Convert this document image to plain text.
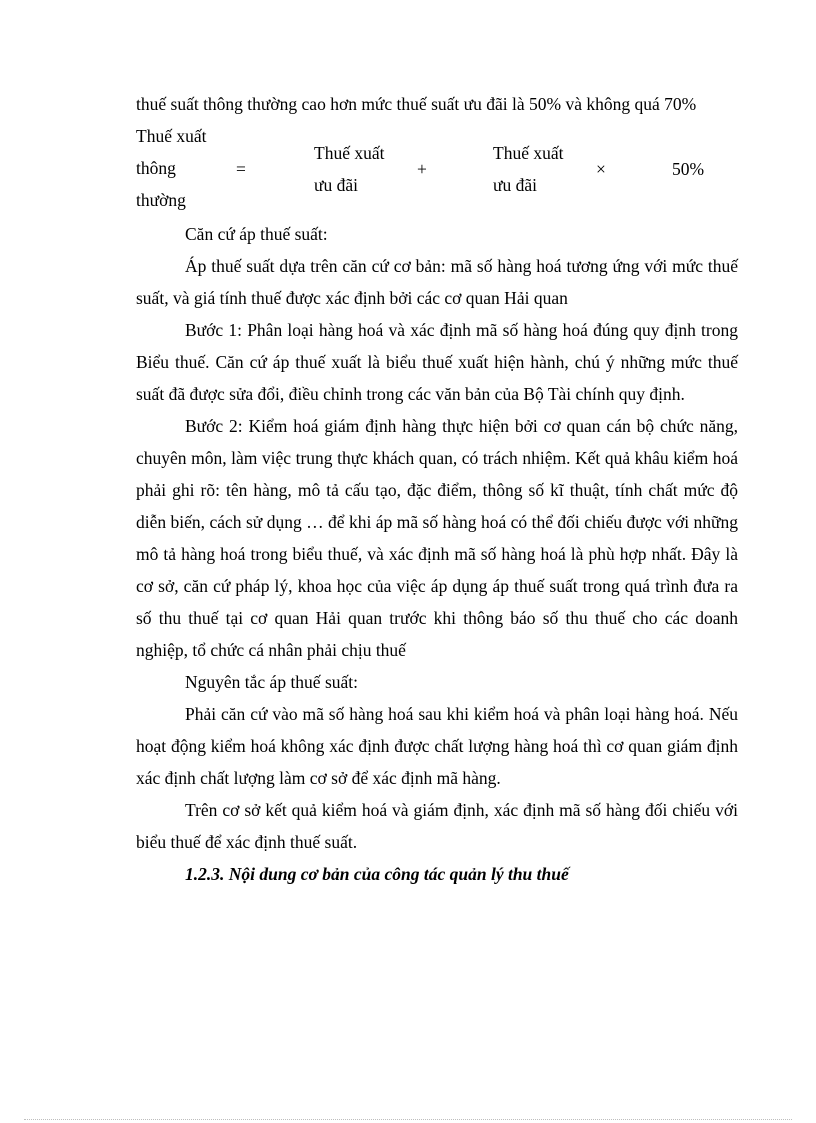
thuế suất thông thường cao hơn mức thuế suất ưu đãi là 50% và không quá 70%

Thuế xuất thông thường
=
Thuế xuất ưu đãi
+
Thuế xuất ưu đãi
×	50%

Căn cứ áp thuế suất:

Áp thuế suất dựa trên căn cứ cơ bản: mã số hàng hoá tương ứng với mức thuế suất, và giá tính thuế được xác định bởi các cơ quan Hải quan

Bước 1: Phân loại hàng hoá và xác định mã số hàng hoá đúng quy định trong Biểu thuế. Căn cứ áp thuế xuất là biểu thuế xuất hiện hành, chú ý những mức thuế suất đã được sửa đổi, điều chỉnh trong các văn bản của Bộ Tài chính quy định.

Bước 2: Kiểm hoá giám định hàng thực hiện bởi cơ quan cán bộ chức năng, chuyên môn, làm việc trung thực khách quan, có trách nhiệm. Kết quả khâu kiểm hoá phải ghi rõ: tên hàng, mô tả cấu tạo, đặc điểm, thông số kĩ thuật, tính chất mức độ diễn biến, cách sử dụng … để khi áp mã số hàng hoá có thể đối chiếu được với những mô tả hàng hoá trong biểu thuế, và xác định mã số hàng hoá là phù hợp nhất. Đây là cơ sở, căn cứ pháp lý, khoa học của việc áp dụng áp thuế suất trong quá trình đưa ra số thu thuế tại cơ quan Hải quan trước khi thông báo số thu thuế cho các doanh nghiệp, tổ chức cá nhân phải chịu thuế

Nguyên tắc áp thuế suất:

Phải căn cứ vào mã số hàng hoá sau khi kiểm hoá và phân loại hàng hoá. Nếu hoạt động kiểm hoá không xác định được chất lượng hàng hoá thì cơ quan giám định xác định chất lượng làm cơ sở để xác định mã hàng.

Trên cơ sở kết quả kiểm hoá và giám định, xác định mã số hàng đối chiếu với biểu thuế để xác định thuế suất.

1.2.3. Nội dung cơ bản của công tác quản lý thu thuế
